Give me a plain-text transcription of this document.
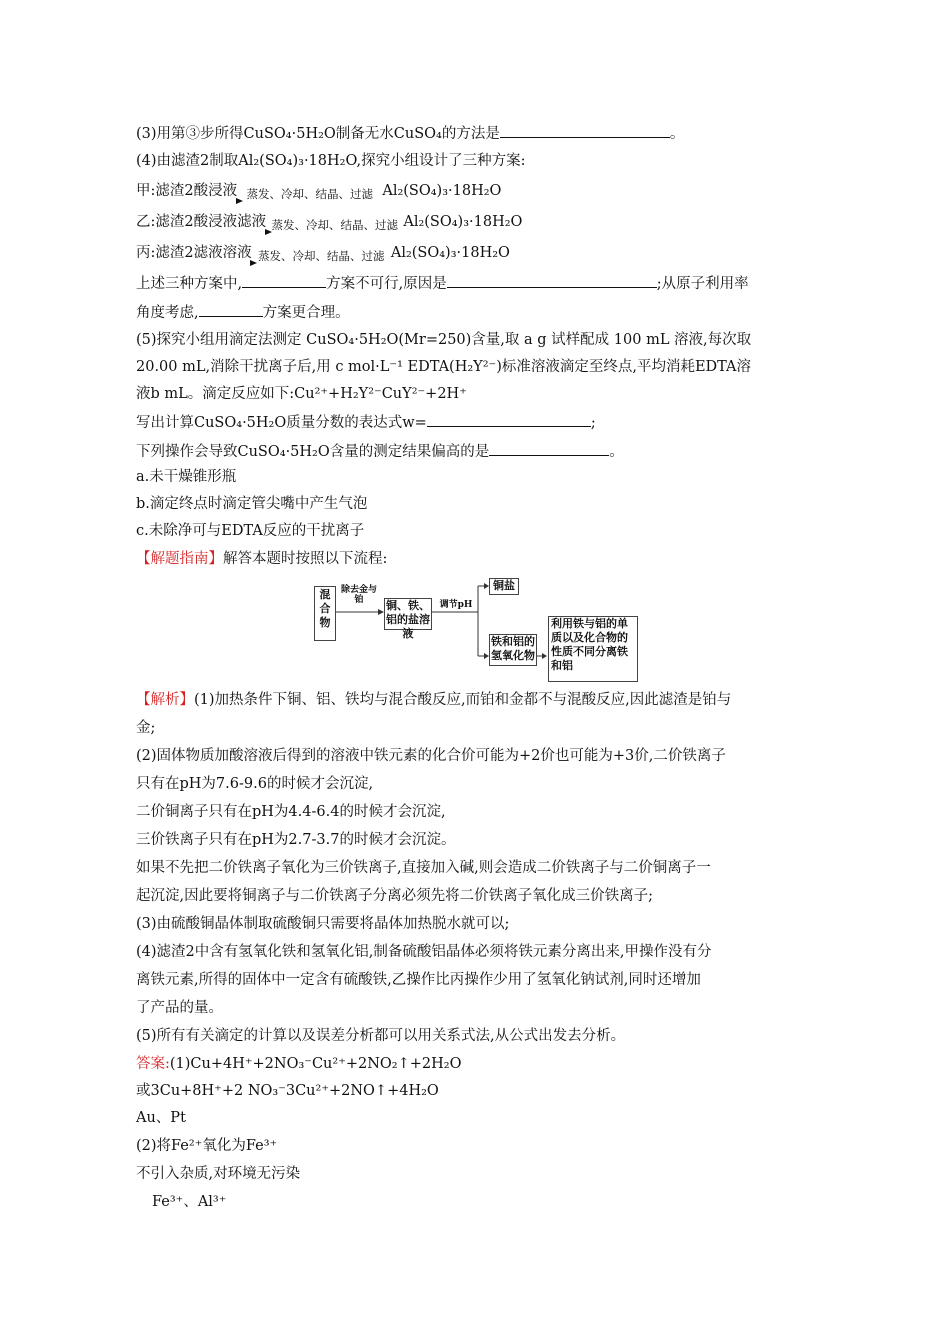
(3)用第③步所得CuSO₄·5H₂O制备无水CuSO₄的方法是	。
(4)由滤渣2制取Al₂(SO₄)₃·18H₂O,探究小组设计了三种方案:
甲:滤渣2酸浸液 蒸发、冷却、结晶、过滤 Al₂(SO₄)₃·18H₂O
乙:滤渣2酸浸液滤液 蒸发、冷却、结晶、过滤 Al₂(SO₄)₃·18H₂O
丙:滤渣2滤液溶液 蒸发、冷却、结晶、过滤 Al₂(SO₄)₃·18H₂O
上述三种方案中,	方案不可行,原因是	;从原子利用率
角度考虑,	方案更合理。
(5)探究小组用滴定法测定 CuSO₄·5H₂O(Mr=250)含量,取 a g 试样配成 100 mL 溶液,每次取
20.00 mL,消除干扰离子后,用 c mol·L⁻¹ EDTA(H₂Y²⁻)标准溶液滴定至终点,平均消耗EDTA溶
液b mL。滴定反应如下:Cu²⁺+H₂Y²⁻CuY²⁻+2H⁺
写出计算CuSO₄·5H₂O质量分数的表达式w=	;
下列操作会导致CuSO₄·5H₂O含量的测定结果偏高的是	。
a.未干燥锥形瓶
b.滴定终点时滴定管尖嘴中产生气泡
c.未除净可与EDTA反应的干扰离子
【解题指南】解答本题时按照以下流程:
混合物
除去金与铂	铜、铁、铝的盐溶液
调节pH
铜盐
铁和铝的氢氧化物
利用铁与铝的单质以及化合物的性质不同分离铁和铝
【解析】(1)加热条件下铜、铝、铁均与混合酸反应,而铂和金都不与混酸反应,因此滤渣是铂与
金;
(2)固体物质加酸溶液后得到的溶液中铁元素的化合价可能为+2价也可能为+3价,二价铁离子
只有在pH为7.6-9.6的时候才会沉淀,
二价铜离子只有在pH为4.4-6.4的时候才会沉淀,
三价铁离子只有在pH为2.7-3.7的时候才会沉淀。
如果不先把二价铁离子氧化为三价铁离子,直接加入碱,则会造成二价铁离子与二价铜离子一
起沉淀,因此要将铜离子与二价铁离子分离必须先将二价铁离子氧化成三价铁离子;
(3)由硫酸铜晶体制取硫酸铜只需要将晶体加热脱水就可以;
(4)滤渣2中含有氢氧化铁和氢氧化铝,制备硫酸铝晶体必须将铁元素分离出来,甲操作没有分
离铁元素,所得的固体中一定含有硫酸铁,乙操作比丙操作少用了氢氧化钠试剂,同时还增加
了产品的量。
(5)所有有关滴定的计算以及误差分析都可以用关系式法,从公式出发去分析。
答案:(1)Cu+4H⁺+2NO₃⁻Cu²⁺+2NO₂↑+2H₂O
或3Cu+8H⁺+2 NO₃⁻3Cu²⁺+2NO↑+4H₂O
Au、Pt
(2)将Fe²⁺氧化为Fe³⁺
不引入杂质,对环境无污染
Fe³⁺、Al³⁺
